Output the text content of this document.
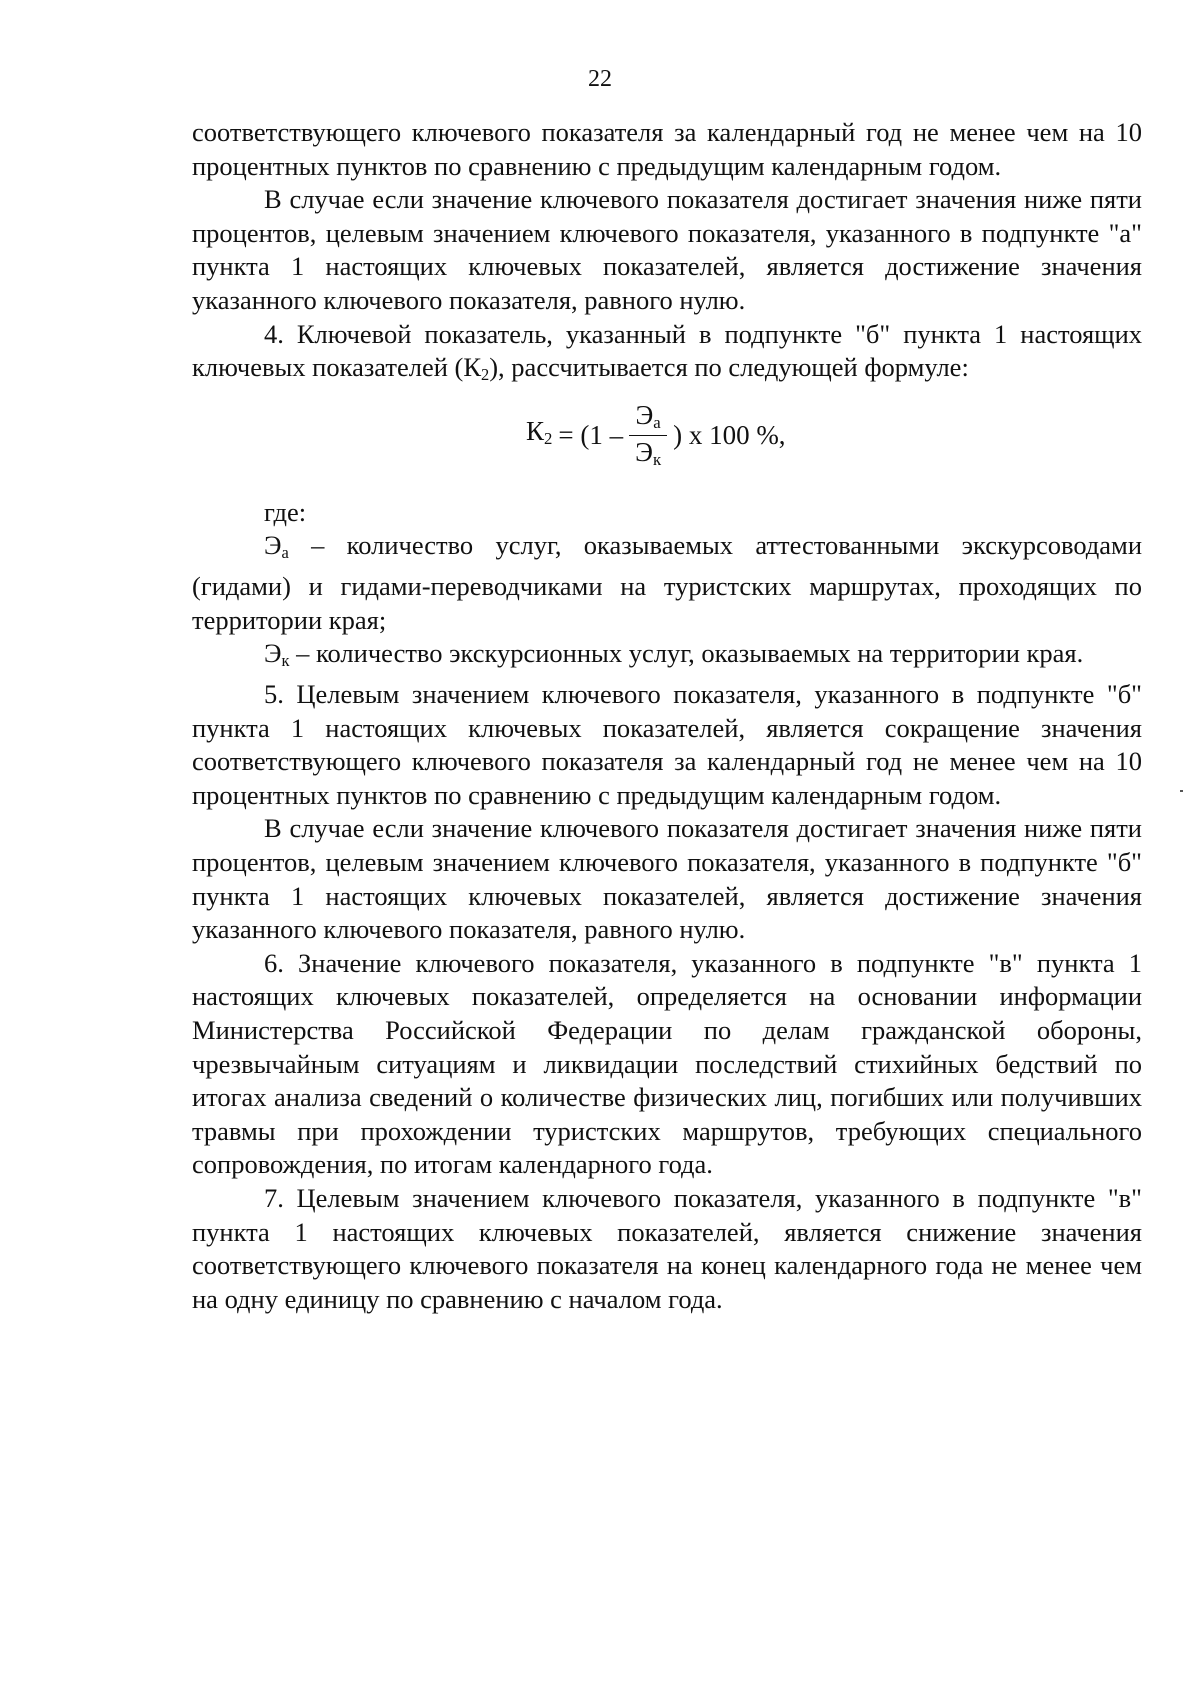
22

соответствующего ключевого показателя за календарный год не менее чем на 10 процентных пунктов по сравнению с предыдущим календарным годом.

В случае если значение ключевого показателя достигает значения ниже пяти процентов, целевым значением ключевого показателя, указанного в подпункте "а" пункта 1 настоящих ключевых показателей, является достижение значения указанного ключевого показателя, равного нулю.

4. Ключевой показатель, указанный в подпункте "б" пункта 1 настоящих ключевых показателей $(К_2)$, рассчитывается по следующей формуле:

$К_2 = (1 - \frac{Э_а}{Э_к}$ ) х 100 %,

где:

$Э_а$ – количество услуг, оказываемых аттестованными экскурсоводами (гидами) и гидами-переводчиками на туристских маршрутах, проходящих по территории края;

$Э_к$ – количество экскурсионных услуг, оказываемых на территории края.

5. Целевым значением ключевого показателя, указанного в подпункте "б" пункта 1 настоящих ключевых показателей, является сокращение значения соответствующего ключевого показателя за календарный год не менее чем на 10 процентных пунктов по сравнению с предыдущим календарным годом.

В случае если значение ключевого показателя достигает значения ниже пяти процентов, целевым значением ключевого показателя, указанного в подпункте "б" пункта 1 настоящих ключевых показателей, является достижение значения указанного ключевого показателя, равного нулю.

6. Значение ключевого показателя, указанного в подпункте "в" пункта 1 настоящих ключевых показателей, определяется на основании информации Министерства Российской Федерации по делам гражданской обороны, чрезвычайным ситуациям и ликвидации последствий стихийных бедствий по итогах анализа сведений о количестве физических лиц, погибших или получивших травмы при прохождении туристских маршрутов, требующих специального сопровождения, по итогам календарного года.

7. Целевым значением ключевого показателя, указанного в подпункте "в" пункта 1 настоящих ключевых показателей, является снижение значения соответствующего ключевого показателя на конец календарного года не менее чем на одну единицу по сравнению с началом года.
